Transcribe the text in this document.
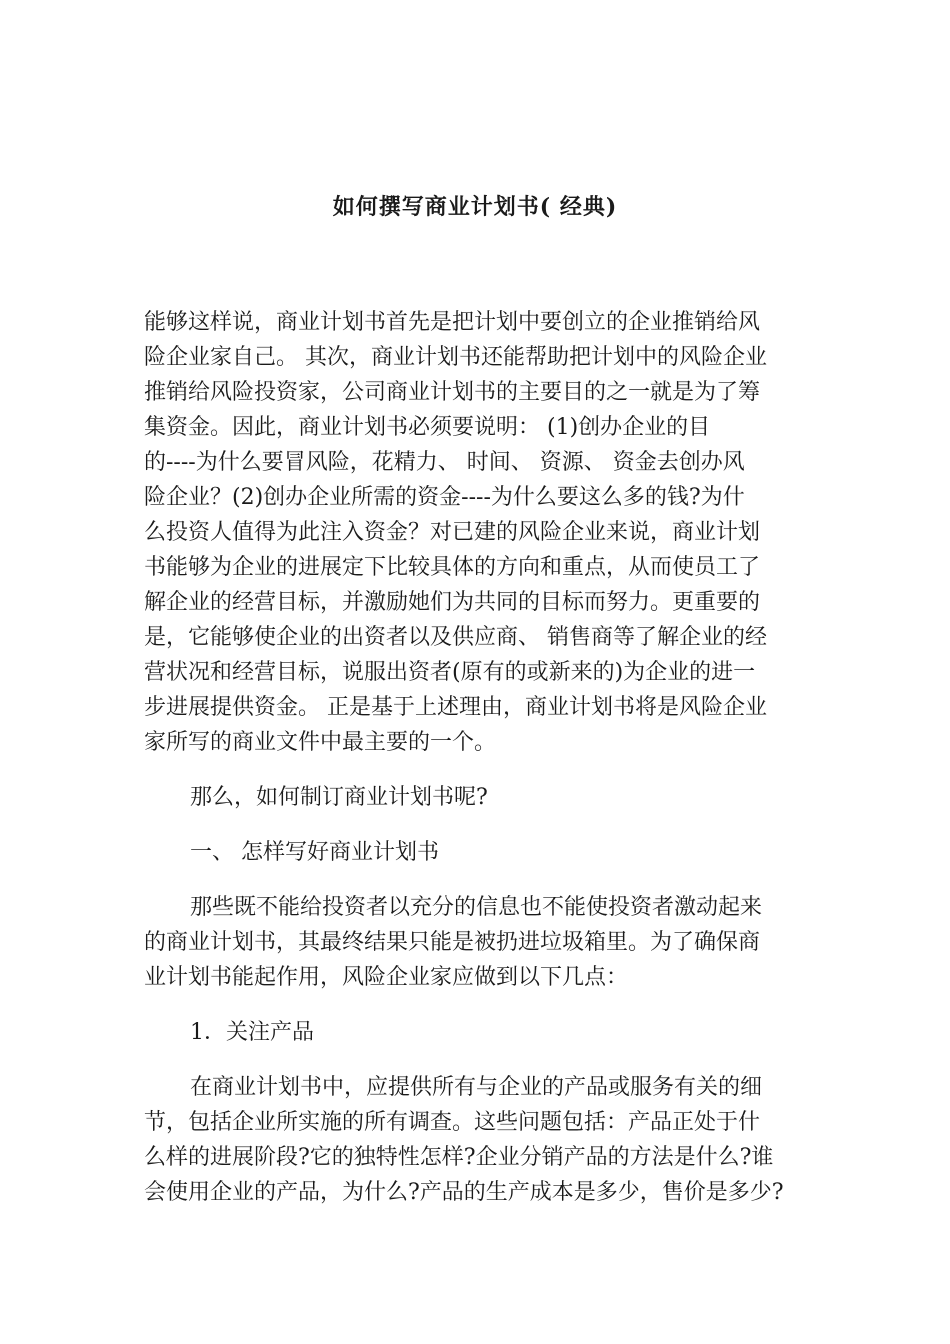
如何撰写商业计划书( 经典)
能够这样说，商业计划书首先是把计划中要创立的企业推销给风
险企业家自己。 其次，商业计划书还能帮助把计划中的风险企业
推销给风险投资家，公司商业计划书的主要目的之一就是为了筹
集资金。因此，商业计划书必须要说明： (1)创办企业的目
的----为什么要冒风险，花精力、 时间、 资源、 资金去创办风
险企业？(2)创办企业所需的资金----为什么要这么多的钱?为什
么投资人值得为此注入资金？对已建的风险企业来说，商业计划
书能够为企业的进展定下比较具体的方向和重点，从而使员工了
解企业的经营目标，并激励她们为共同的目标而努力。更重要的
是，它能够使企业的出资者以及供应商、 销售商等了解企业的经
营状况和经营目标，说服出资者(原有的或新来的)为企业的进一
步进展提供资金。 正是基于上述理由，商业计划书将是风险企业
家所写的商业文件中最主要的一个。
那么，如何制订商业计划书呢?
一、 怎样写好商业计划书
那些既不能给投资者以充分的信息也不能使投资者激动起来
的商业计划书，其最终结果只能是被扔进垃圾箱里。为了确保商
业计划书能起作用，风险企业家应做到以下几点：
1．关注产品
在商业计划书中，应提供所有与企业的产品或服务有关的细
节，包括企业所实施的所有调查。这些问题包括：产品正处于什
么样的进展阶段?它的独特性怎样?企业分销产品的方法是什么?谁
会使用企业的产品，为什么?产品的生产成本是多少，售价是多少?
